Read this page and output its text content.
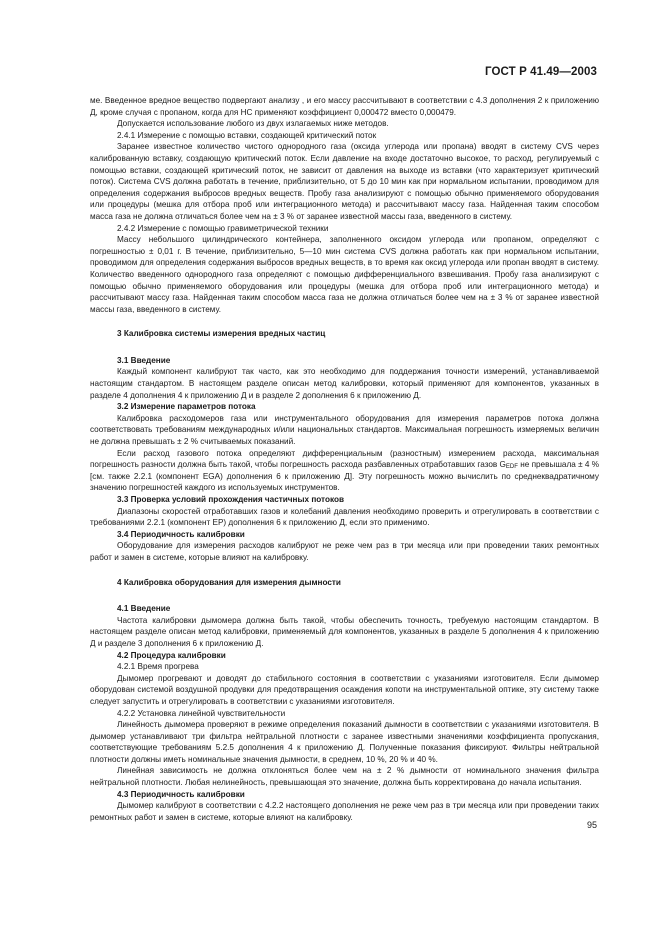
ГОСТ Р 41.49—2003

ме. Введенное вредное вещество подвергают анализу , и его массу рассчитывают в соответствии с 4.3 дополнения 2 к приложению Д, кроме случая с пропаном, когда для НС применяют коэффициент 0,000472 вместо 0,000479.

Допускается использование любого из двух излагаемых ниже методов.

2.4.1 Измерение с помощью вставки, создающей критический поток

Заранее известное количество чистого однородного газа (оксида углерода или пропана) вводят в систему CVS через калиброванную вставку, создающую критический поток. Если давление на входе достаточно высокое, то расход, регулируемый с помощью вставки, создающей критический поток, не зависит от давления на выходе из вставки (что характеризует критический поток). Система CVS должна работать в течение, приблизительно, от 5 до 10 мин как при нормальном испытании, проводимом для определения содержания выбросов вредных веществ. Пробу газа анализируют с помощью обычно применяемого оборудования или процедуры (мешка для отбора проб или интеграционного метода) и рассчитывают массу газа. Найденная таким способом масса газа не должна отличаться более чем на ± 3 % от заранее известной массы газа, введенного в систему.

2.4.2 Измерение с помощью гравиметрической техники

Массу небольшого цилиндрического контейнера, заполненного оксидом углерода или пропаном, определяют с погрешностью ± 0,01 г. В течение, приблизительно, 5—10 мин система CVS должна работать как при нормальном испытании, проводимом для определения содержания выбросов вредных веществ, в то время как оксид углерода или пропан вводят в систему. Количество введенного однородного газа определяют с помощью дифференциального взвешивания. Пробу газа анализируют с помощью обычно применяемого оборудования или процедуры (мешка для отбора проб или интеграционного метода) и рассчитывают массу газа. Найденная таким способом масса газа не должна отличаться более чем на ± 3 % от заранее известной массы газа, введенного в систему.

3 Калибровка системы измерения вредных частиц

3.1 Введение

Каждый компонент калибруют так часто, как это необходимо для поддержания точности измерений, устанавливаемой настоящим стандартом. В настоящем разделе описан метод калибровки, который применяют для компонентов, указанных в разделе 4 дополнения 4 к приложению Д и в разделе 2 дополнения 6 к приложению Д.

3.2 Измерение параметров потока

Калибровка расходомеров газа или инструментального оборудования для измерения параметров потока должна соответствовать требованиям международных и/или национальных стандартов. Максимальная погрешность измеряемых величин не должна превышать ± 2 % считываемых показаний.

Если расход газового потока определяют дифференциальным (разностным) измерением расхода, максимальная погрешность разности должна быть такой, чтобы погрешность расхода разбавленных отработавших газов $G_{EDF}$ не превышала ± 4 % [см. также 2.2.1 (компонент EGA) дополнения 6 к приложению Д]. Эту погрешность можно вычислить по среднеквадратичному значению погрешностей каждого из используемых инструментов.

3.3 Проверка условий прохождения частичных потоков

Диапазоны скоростей отработавших газов и колебаний давления необходимо проверить и отрегулировать в соответствии с требованиями 2.2.1 (компонент EP) дополнения 6 к приложению Д, если это применимо.

3.4 Периодичность калибровки

Оборудование для измерения расходов калибруют не реже чем раз в три месяца или при проведении таких ремонтных работ и замен в системе, которые влияют на калибровку.

4 Калибровка оборудования для измерения дымности

4.1 Введение

Частота калибровки дымомера должна быть такой, чтобы обеспечить точность, требуемую настоящим стандартом. В настоящем разделе описан метод калибровки, применяемый для компонентов, указанных в разделе 5 дополнения 4 к приложению Д и разделе 3 дополнения 6 к приложению Д.

4.2 Процедура калибровки

4.2.1 Время прогрева

Дымомер прогревают и доводят до стабильного состояния в соответствии с указаниями изготовителя. Если дымомер оборудован системой воздушной продувки для предотвращения осаждения копоти на инструментальной оптике, эту систему также следует запустить и отрегулировать в соответствии с указаниями изготовителя.

4.2.2 Установка линейной чувствительности

Линейность дымомера проверяют в режиме определения показаний дымности в соответствии с указаниями изготовителя. В дымомер устанавливают три фильтра нейтральной плотности с заранее известными значениями коэффициента пропускания, соответствующие требованиям 5.2.5 дополнения 4 к приложению Д. Полученные показания фиксируют. Фильтры нейтральной плотности должны иметь номинальные значения дымности, в среднем, 10 %, 20 % и 40 %.

Линейная зависимость не должна отклоняться более чем на ± 2 % дымности от номинального значения фильтра нейтральной плотности. Любая нелинейность, превышающая это значение, должна быть корректирована до начала испытания.

4.3 Периодичность калибровки

Дымомер калибруют в соответствии с 4.2.2 настоящего дополнения не реже чем раз в три месяца или при проведении таких ремонтных работ и замен в системе, которые влияют на калибровку.

95
